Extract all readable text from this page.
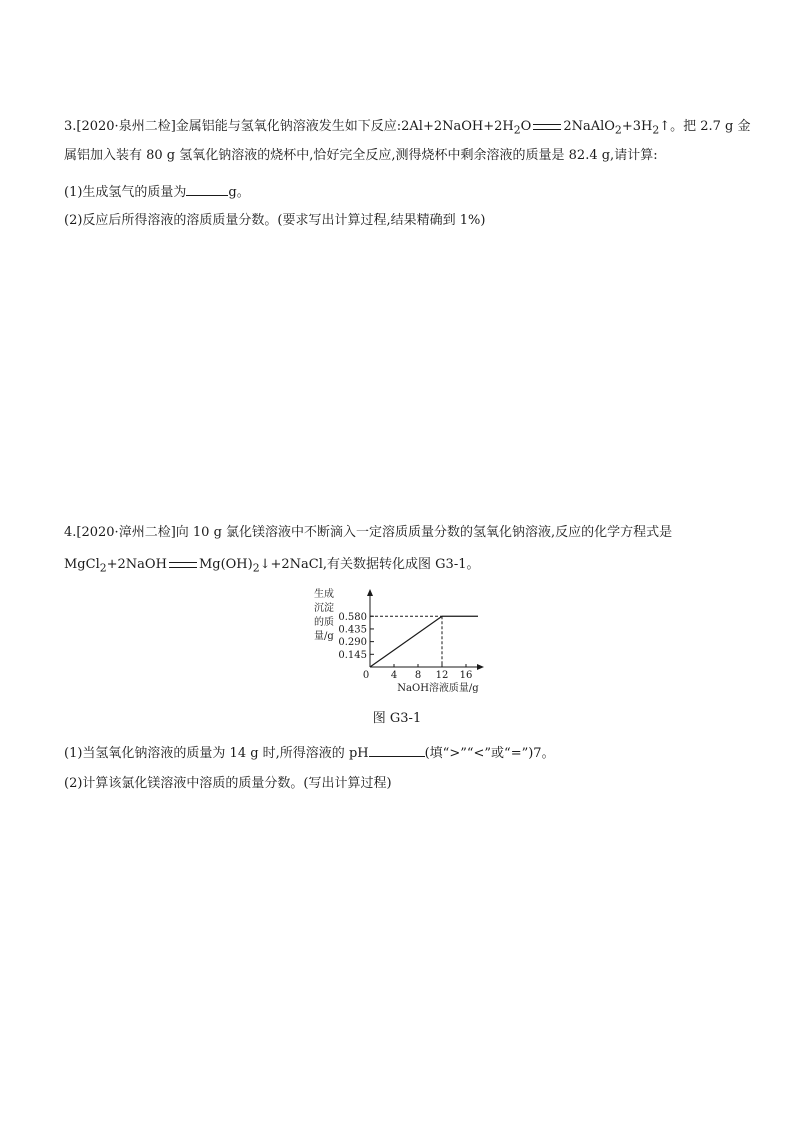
3.[2020·泉州二检]金属铝能与氢氧化钠溶液发生如下反应$:2Al+2NaOH+2H_2O$ $2NaAlO_2+3H_2↑$。把 2.7 g 金
属铝加入装有 80 g 氢氧化钠溶液的烧杯中,恰好完全反应,测得烧杯中剩余溶液的质量是 82.4 g,请计算:
(1)生成氢气的质量为	g。
(2)反应后所得溶液的溶质质量分数。(要求写出计算过程,结果精确到 1%)
4.[2020·漳州二检]向 10 g 氯化镁溶液中不断滴入一定溶质质量分数的氢氧化钠溶液,反应的化学方程式是
MgCl$_2$+2NaOH $Mg(OH)_2↓+2NaCl$,有关数据转化成图 G3-1。
生成
沉淀
的质
量/g
0.145
0.290
0.435
0.580
4 8 12 16
0
NaOH溶液质量/g
图 G3-1
(1)当氢氧化钠溶液的质量为 14 g 时,所得溶液的 pH	(填“>”“<”或“=”)7。
(2)计算该氯化镁溶液中溶质的质量分数。(写出计算过程)
